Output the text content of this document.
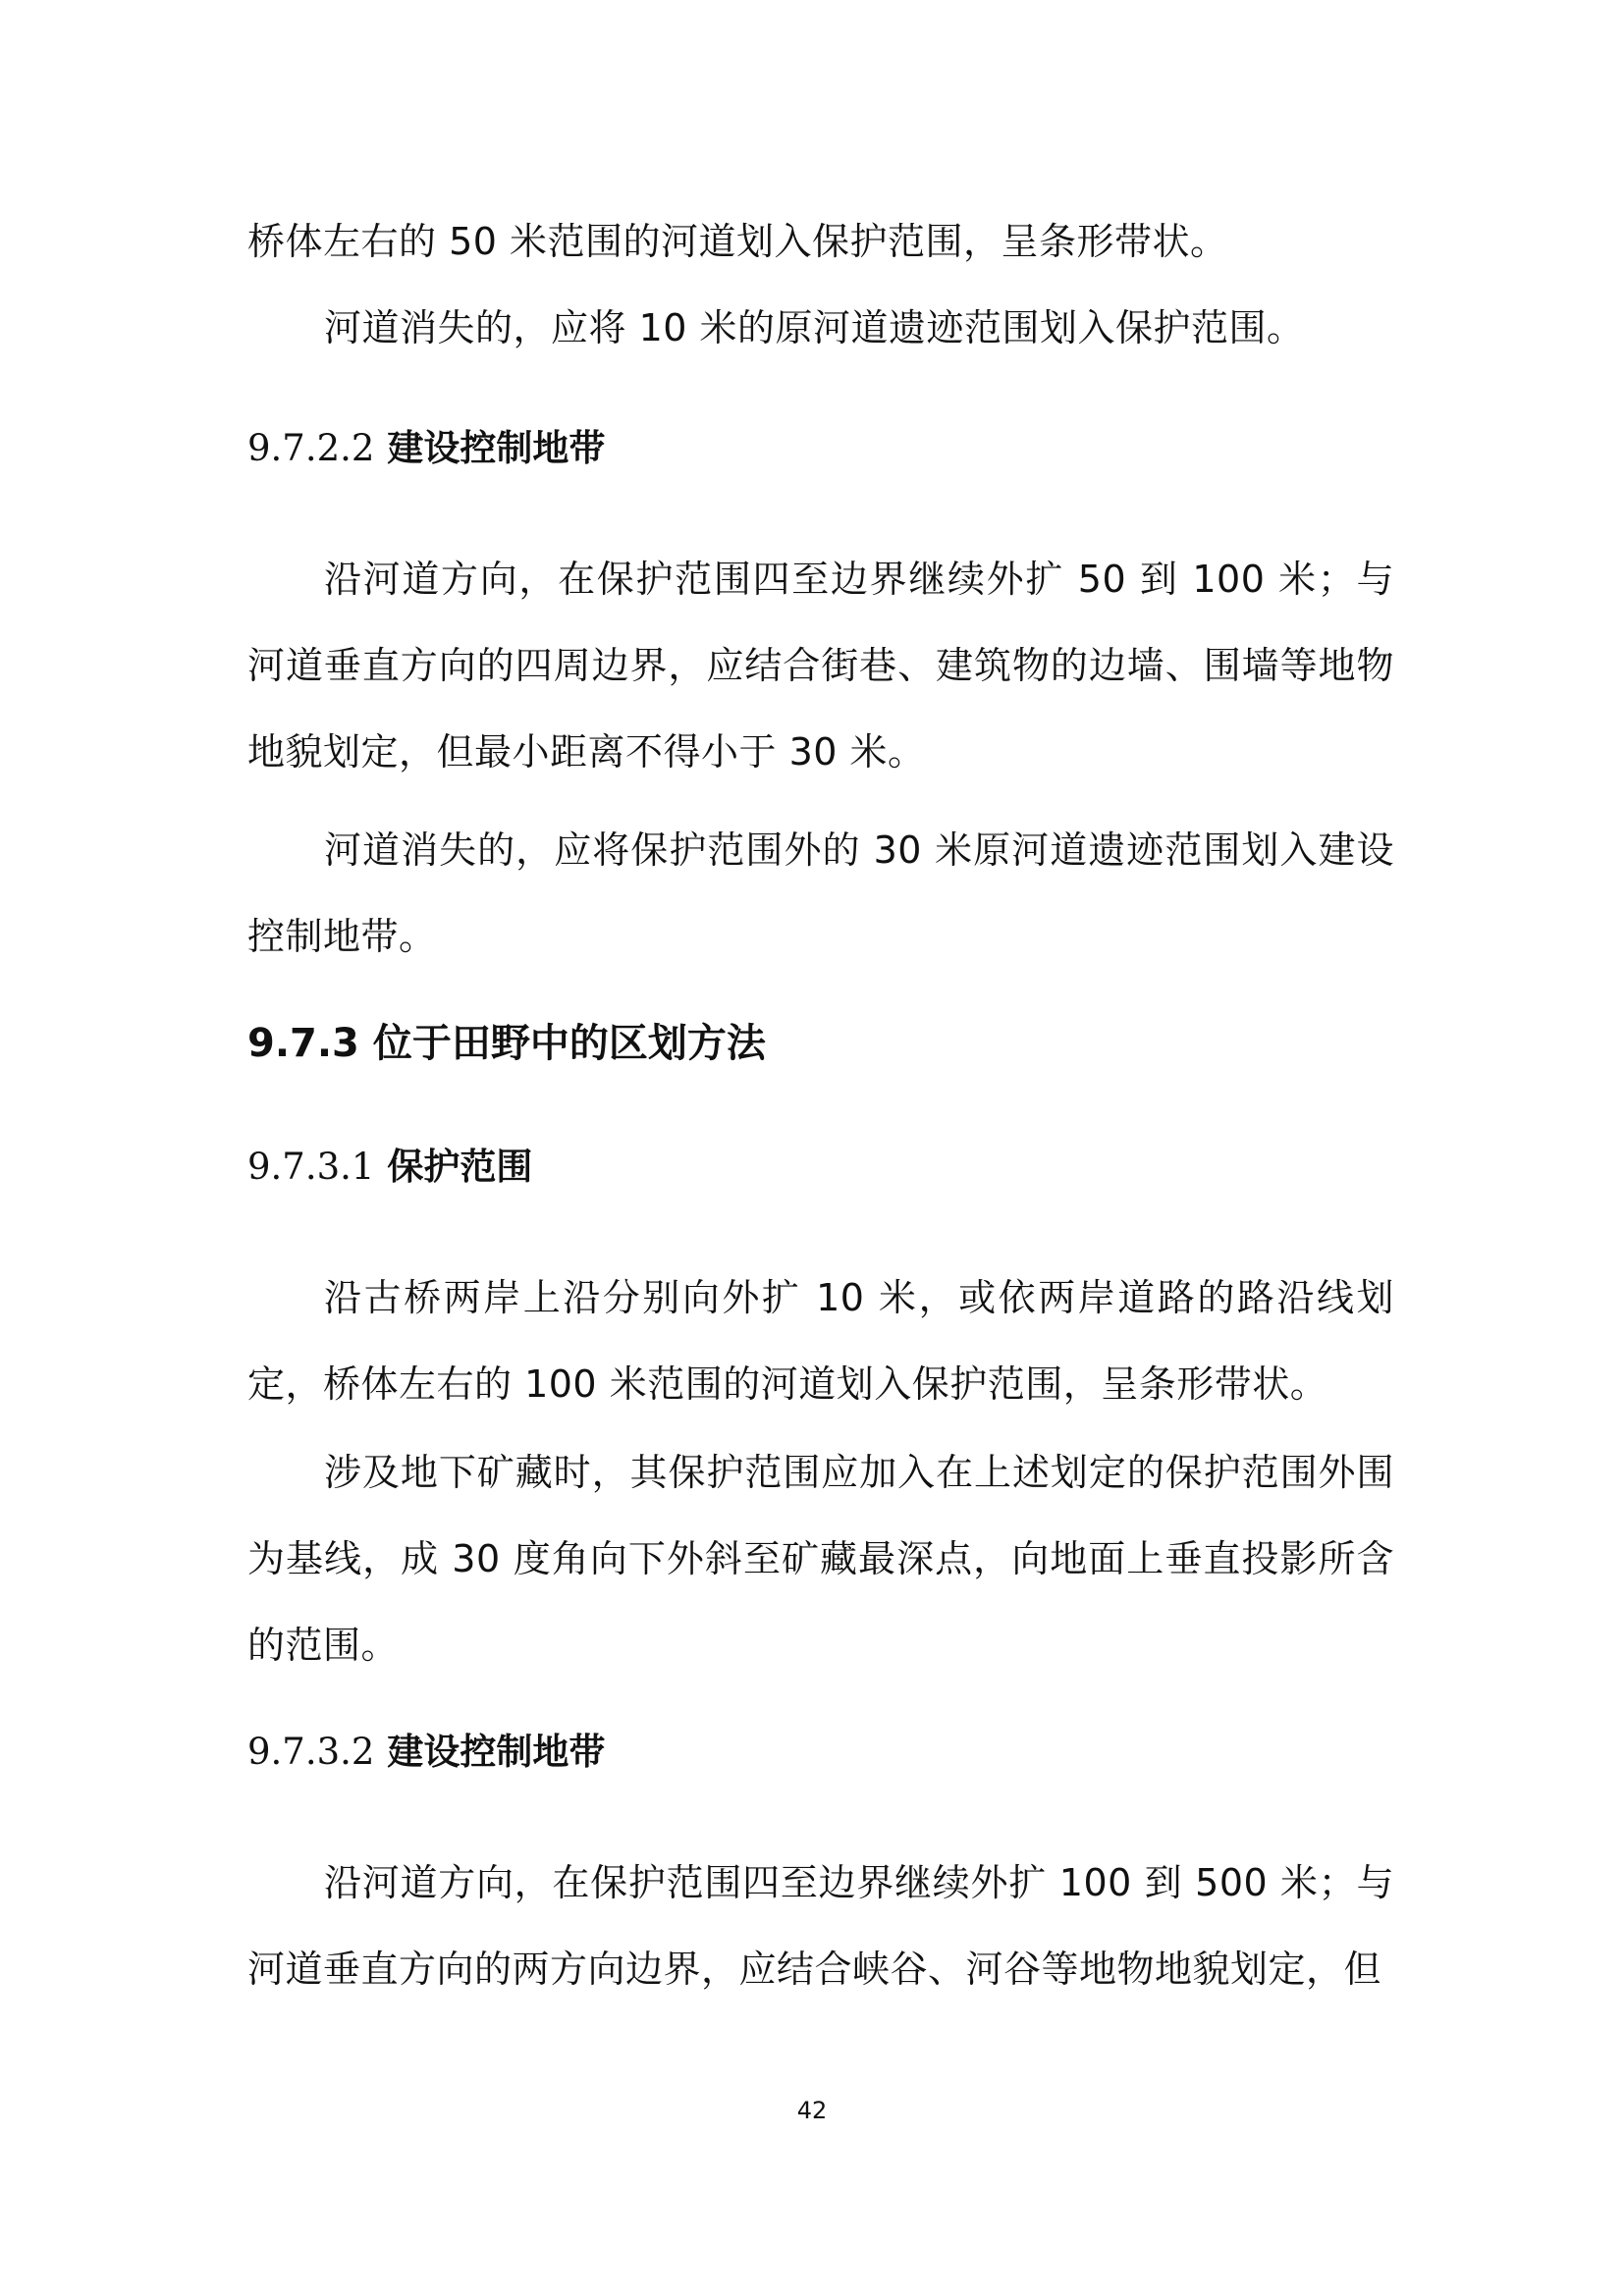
桥体左右的 50 米范围的河道划入保护范围，呈条形带状。

河道消失的，应将 10 米的原河道遗迹范围划入保护范围。

9.7.2.2 建设控制地带

沿河道方向，在保护范围四至边界继续外扩 50 到 100 米；与河道垂直方向的四周边界，应结合街巷、建筑物的边墙、围墙等地物地貌划定，但最小距离不得小于 30 米。

河道消失的，应将保护范围外的 30 米原河道遗迹范围划入建设控制地带。

9.7.3 位于田野中的区划方法
9.7.3.1 保护范围

沿古桥两岸上沿分别向外扩 10 米，或依两岸道路的路沿线划定，桥体左右的 100 米范围的河道划入保护范围，呈条形带状。

涉及地下矿藏时，其保护范围应加入在上述划定的保护范围外围为基线，成 30 度角向下外斜至矿藏最深点，向地面上垂直投影所含的范围。

9.7.3.2 建设控制地带

沿河道方向，在保护范围四至边界继续外扩 100 到 500 米；与河道垂直方向的两方向边界，应结合峡谷、河谷等地物地貌划定，但

42
